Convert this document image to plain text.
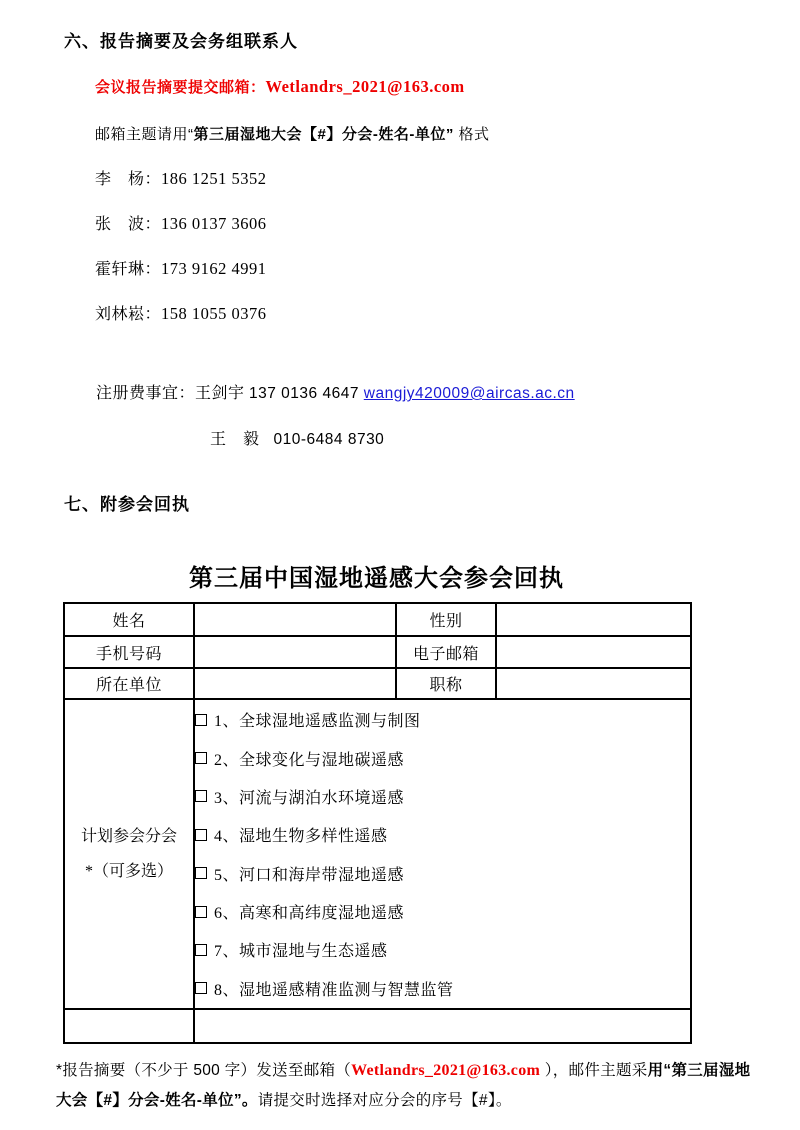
六、报告摘要及会务组联系人
会议报告摘要提交邮箱：Wetlandrs_2021@163.com
邮箱主题请用“第三届湿地大会【#】分会-姓名-单位” 格式
李　杨：186 1251 5352
张　波：136 0137 3606
霍轩琳：173 9162 4991
刘林崧：158 1055 0376
注册费事宜：王剑宇 137 0136 4647 wangjy420009@aircas.ac.cn
王　毅 010-6484 8730
七、附参会回执
第三届中国湿地遥感大会参会回执
姓名		性别	
手机号码		电子邮箱	
所在单位		职称	

计划参会分会
*（可多选）

1、全球湿地遥感监测与制图
2、全球变化与湿地碳遥感
3、河流与湖泊水环境遥感
4、湿地生物多样性遥感
5、河口和海岸带湿地遥感
6、高寒和高纬度湿地遥感
7、城市湿地与生态遥感
8、湿地遥感精准监测与智慧监管

*报告摘要（不少于 500 字）发送至邮箱（Wetlandrs_2021@163.com ），邮件主题采用“第三届湿地大会【#】分会-姓名-单位”。请提交时选择对应分会的序号【#】。
